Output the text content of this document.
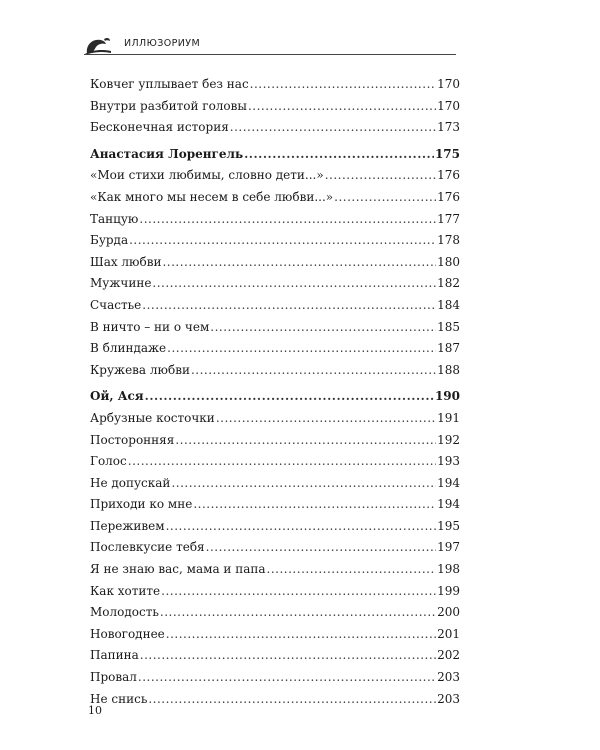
ИЛЛЮЗОРИУМ
Ковчег уплывает без нас .....	170
Внутри разбитой головы .....	170
Бесконечная история .....	173
Анастасия Лоренгель .....	175
«Мои стихи любимы, словно дети...» .....	176
«Как много мы несем в себе любви...» .....	176
Танцую .....	177
Бурда .....	178
Шах любви .....	180
Мужчине .....	182
Счастье .....	184
В ничто – ни о чем .....	185
В блиндаже .....	187
Кружева любви .....	188
Ой, Ася .....	190
Арбузные косточки .....	191
Посторонняя .....	192
Голос .....	193
Не допускай .....	194
Приходи ко мне .....	194
Переживем .....	195
Послевкусие тебя .....	197
Я не знаю вас, мама и папа .....	198
Как хотите .....	199
Молодость .....	200
Новогоднее .....	201
Папина .....	202
Провал .....	203
Не снись .....	203
10
